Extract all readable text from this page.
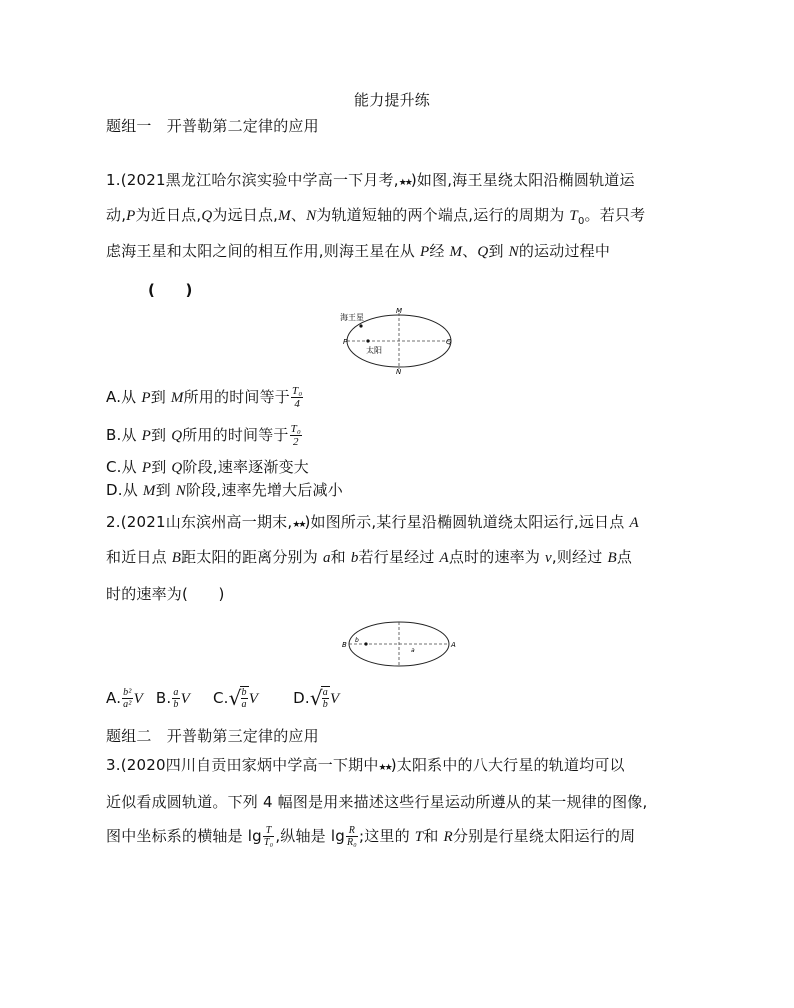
能力提升练
题组一　开普勒第二定律的应用
1.(2021黑龙江哈尔滨实验中学高一下月考,★★)如图,海王星绕太阳沿椭圆轨道运
动,P为近日点,Q为远日点,M、N为轨道短轴的两个端点,运行的周期为 $T_0$。若只考
虑海王星和太阳之间的相互作用,则海王星在从 P经 M、Q到 N的运动过程中
(　　)
海王星
太阳
P	Q
M
N
A.从 P到 M所用的时间等于 $\frac{\text{T₀}}{4}$
B.从 P到 Q所用的时间等于 $\frac{\text{T₀}}{2}$
C.从 P到 Q阶段,速率逐渐变大
D.从 M到 N阶段,速率先增大后减小
2.(2021山东滨州高一期末,★★)如图所示,某行星沿椭圆轨道绕太阳运行,远日点 A
和近日点 B距太阳的距离分别为 a和 b若行星经过 A点时的速率为 v,则经过 B点
时的速率为(　　)
B	A
b
a
A. $\frac{\text{b²}}{\text{a²}}$ V B. $\frac{a}{b}$ V $C.√ \frac{b}{a}$ V $D.√ \frac{a}{b}$ V
题组二　开普勒第三定律的应用
3.(2020四川自贡田家炳中学高一下期中★★)太阳系中的八大行星的轨道均可以
近似看成圆轨道。下列 4 幅图是用来描述这些行星运动所遵从的某一规律的图像,
图中坐标系的横轴是 $\lg \frac{T}{\text{T₀}}$ ,纵轴是 $\lg \frac{R}{\text{R₀}}$ ;这里的 T和 R分别是行星绕太阳运行的周
